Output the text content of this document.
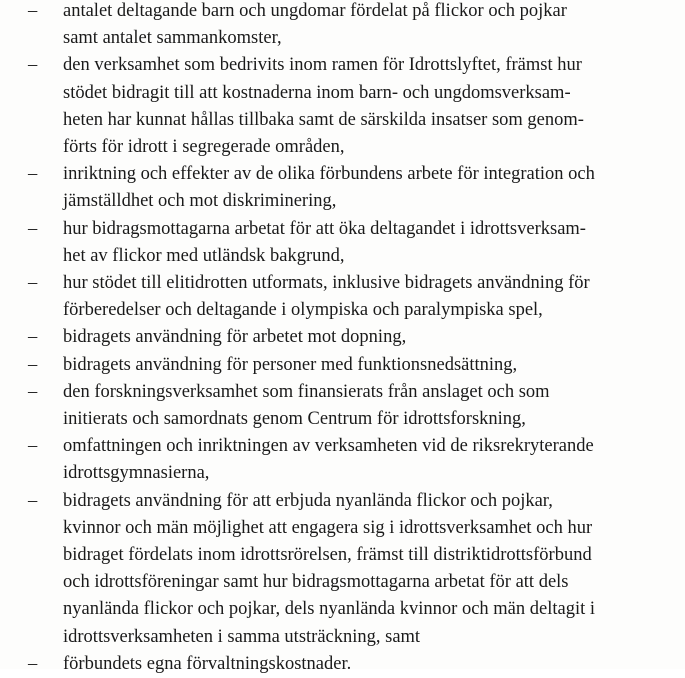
–	antalet deltagande barn och ungdomar fördelat på flickor och pojkar
samt antalet sammankomster,
–	den verksamhet som bedrivits inom ramen för Idrottslyftet, främst hur
stödet bidragit till att kostnaderna inom barn- och ungdomsverksam-
heten har kunnat hållas tillbaka samt de särskilda insatser som genom-
förts för idrott i segregerade områden,
–	inriktning och effekter av de olika förbundens arbete för integration och
jämställdhet och mot diskriminering,
–	hur bidragsmottagarna arbetat för att öka deltagandet i idrottsverksam-
het av flickor med utländsk bakgrund,
–	hur stödet till elitidrotten utformats, inklusive bidragets användning för
förberedelser och deltagande i olympiska och paralympiska spel,
–	bidragets användning för arbetet mot dopning,
–	bidragets användning för personer med funktionsnedsättning,
–	den forskningsverksamhet som finansierats från anslaget och som
initierats och samordnats genom Centrum för idrottsforskning,
–	omfattningen och inriktningen av verksamheten vid de riksrekryterande
idrottsgymnasierna,
–	bidragets användning för att erbjuda nyanlända flickor och pojkar,
kvinnor och män möjlighet att engagera sig i idrottsverksamhet och hur
bidraget fördelats inom idrottsrörelsen, främst till distriktidrottsförbund
och idrottsföreningar samt hur bidragsmottagarna arbetat för att dels
nyanlända flickor och pojkar, dels nyanlända kvinnor och män deltagit i
idrottsverksamheten i samma utsträckning, samt
–	förbundets egna förvaltningskostnader.
